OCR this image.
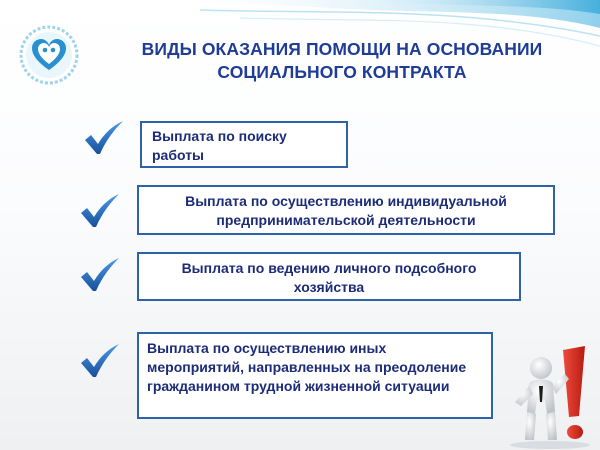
ВИДЫ ОКАЗАНИЯ ПОМОЩИ НА ОСНОВАНИИ
СОЦИАЛЬНОГО КОНТРАКТА
Выплата по поиску работы
Выплата по осуществлению индивидуальной предпринимательской деятельности
Выплата по ведению личного подсобного хозяйства
Выплата по осуществлению иных мероприятий, направленных на преодоление гражданином трудной жизненной ситуации
